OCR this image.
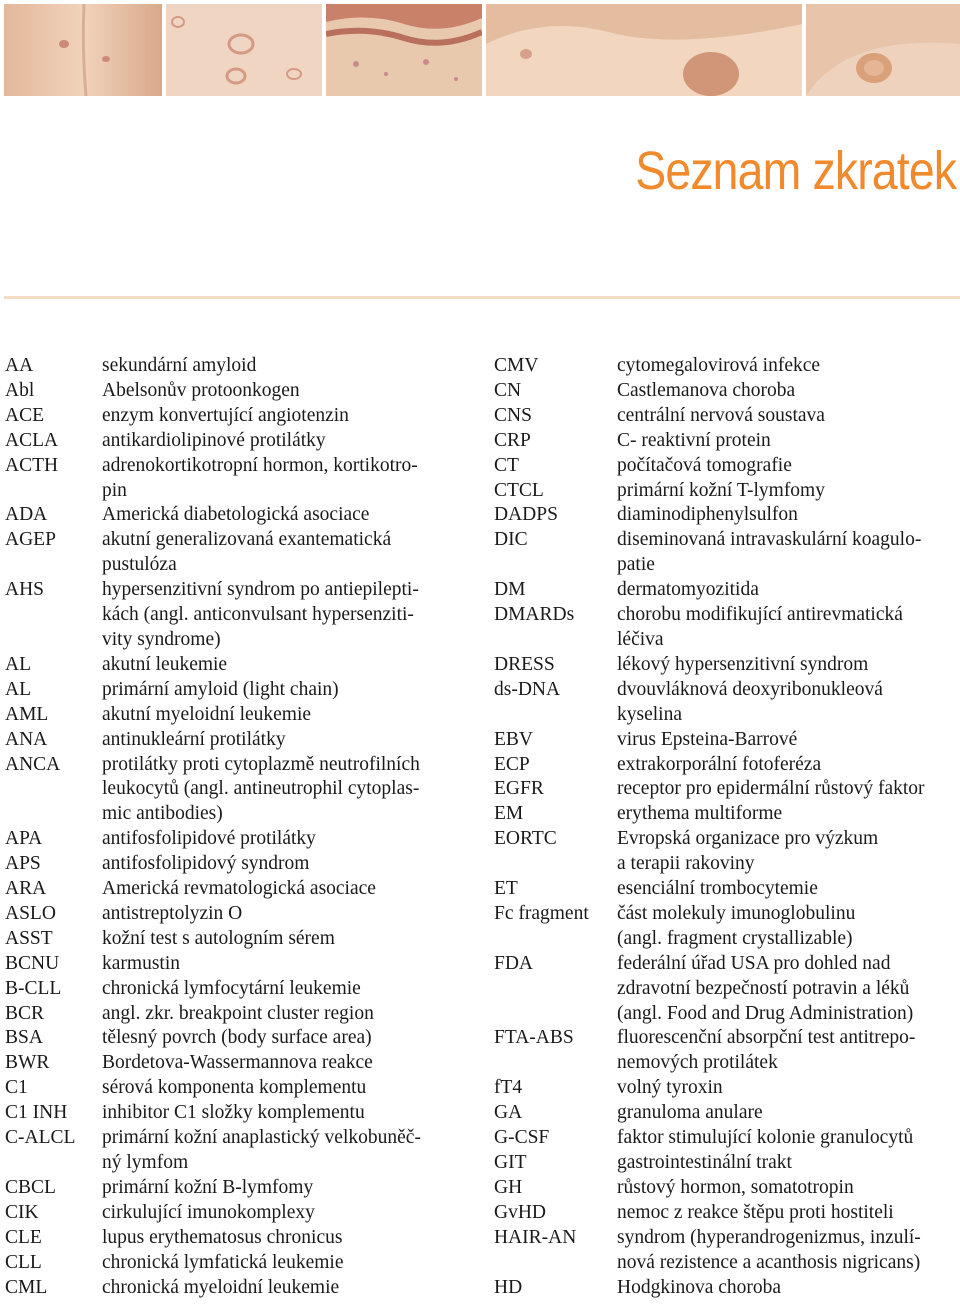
Seznam zkratek
AA	sekundární amyloid
Abl	Abelsonův protoonkogen
ACE	enzym konvertující angiotenzin
ACLA antikardiolipinové protilátky
ACTH adrenokortikotropní hormon, kortikotro-
pin
ADA	Americká diabetologická asociace
AGEP akutní generalizovaná exantematická
pustulóza
AHS	hypersenzitivní syndrom po antiepilepti-
kách (angl. anticonvulsant hypersenziti-
vity syndrome)
AL	akutní leukemie
AL	primární amyloid (light chain)
AML	akutní myeloidní leukemie
ANA	antinukleární protilátky
ANCA protilátky proti cytoplazmě neutrofilních
leukocytů (angl. antineutrophil cytoplas-
mic antibodies)
APA	antifosfolipidové protilátky
APS	antifosfolipidový syndrom
ARA	Americká revmatologická asociace
ASLO antistreptolyzin O
ASST	kožní test s autologním sérem
BCNU karmustin
B-CLL chronická lymfocytární leukemie
BCR	angl. zkr. breakpoint cluster region
BSA	tělesný povrch (body surface area)
BWR	Bordetova-Wassermannova reakce
C1	sérová komponenta komplementu
C1 INH inhibitor C1 složky komplementu
C-ALCL primární kožní anaplastický velkobuněč-
ný lymfom
CBCL primární kožní B-lymfomy
CIK	cirkulující imunokomplexy
CLE	lupus erythematosus chronicus
CLL	chronická lymfatická leukemie
CML	chronická myeloidní leukemie
CMV	cytomegalovirová infekce
CN	Castlemanova choroba
CNS	centrální nervová soustava
CRP	C- reaktivní protein
CT	počítačová tomografie
CTCL	primární kožní T-lymfomy
DADPS	diaminodiphenylsulfon
DIC	diseminovaná intravaskulární koagulo-
patie
DM	dermatomyozitida
DMARDs chorobu modifikující antirevmatická
léčiva
DRESS	lékový hypersenzitivní syndrom
ds-DNA	dvouvláknová deoxyribonukleová
kyselina
EBV	virus Epsteina-Barrové
ECP	extrakorporální fotoferéza
EGFR	receptor pro epidermální růstový faktor
EM	erythema multiforme
EORTC	Evropská organizace pro výzkum
a terapii rakoviny
ET	esenciální trombocytemie
Fc fragment část molekuly imunoglobulinu
(angl. fragment crystallizable)
FDA	federální úřad USA pro dohled nad
zdravotní bezpečností potravin a léků
(angl. Food and Drug Administration)
FTA-ABS fluorescenční absorpční test antitrepo-
nemových protilátek
fT4	volný tyroxin
GA	granuloma anulare
G-CSF	faktor stimulující kolonie granulocytů
GIT	gastrointestinální trakt
GH	růstový hormon, somatotropin
GvHD	nemoc z reakce štěpu proti hostiteli
HAIR-AN syndrom (hyperandrogenizmus, inzulí-
nová rezistence a acanthosis nigricans)
HD	Hodgkinova choroba
